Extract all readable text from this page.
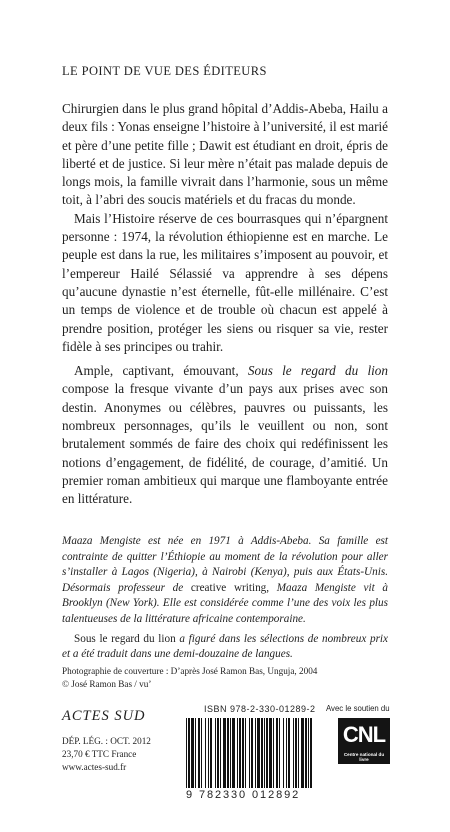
LE POINT DE VUE DES ÉDITEURS

Chirurgien dans le plus grand hôpital d’Addis-Abeba, Hailu a deux fils : Yonas enseigne l’histoire à l’université, il est marié et père d’une petite fille ; Dawit est étudiant en droit, épris de liberté et de justice. Si leur mère n’était pas malade depuis de longs mois, la famille vivrait dans l’harmonie, sous un même toit, à l’abri des soucis matériels et du fracas du monde.

Mais l’Histoire réserve de ces bourrasques qui n’épargnent personne : 1974, la révolution éthiopienne est en marche. Le peuple est dans la rue, les militaires s’imposent au pouvoir, et l’empereur Hailé Sélassié va apprendre à ses dépens qu’aucune dynastie n’est éternelle, fût-elle millénaire. C’est un temps de violence et de trouble où chacun est appelé à prendre position, protéger les siens ou risquer sa vie, rester fidèle à ses principes ou trahir.

Ample, captivant, émouvant, Sous le regard du lion compose la fresque vivante d’un pays aux prises avec son destin. Anonymes ou célèbres, pauvres ou puissants, les nombreux personnages, qu’ils le veuillent ou non, sont brutalement sommés de faire des choix qui redéfinissent les notions d’engagement, de fidélité, de courage, d’amitié. Un premier roman ambitieux qui marque une flamboyante entrée en littérature.

Maaza Mengiste est née en 1971 à Addis-Abeba. Sa famille est contrainte de quitter l’Éthiopie au moment de la révolution pour aller s’installer à Lagos (Nigeria), à Nairobi (Kenya), puis aux États-Unis. Désormais professeur de creative writing, Maaza Mengiste vit à Brooklyn (New York). Elle est considérée comme l’une des voix les plus talentueuses de la littérature africaine contemporaine.

Sous le regard du lion a figuré dans les sélections de nombreux prix et a été traduit dans une demi-douzaine de langues.

Photographie de couverture : D’après José Ramon Bas, Unguja, 2004
© José Ramon Bas / vu’
ACTES SUD
DÉP. LÉG. : OCT. 2012
23,70 € TTC France
www.actes-sud.fr
ISBN 978-2-330-01289-2
9 782330 012892
Avec le soutien du
CNL
Centre national du livre
